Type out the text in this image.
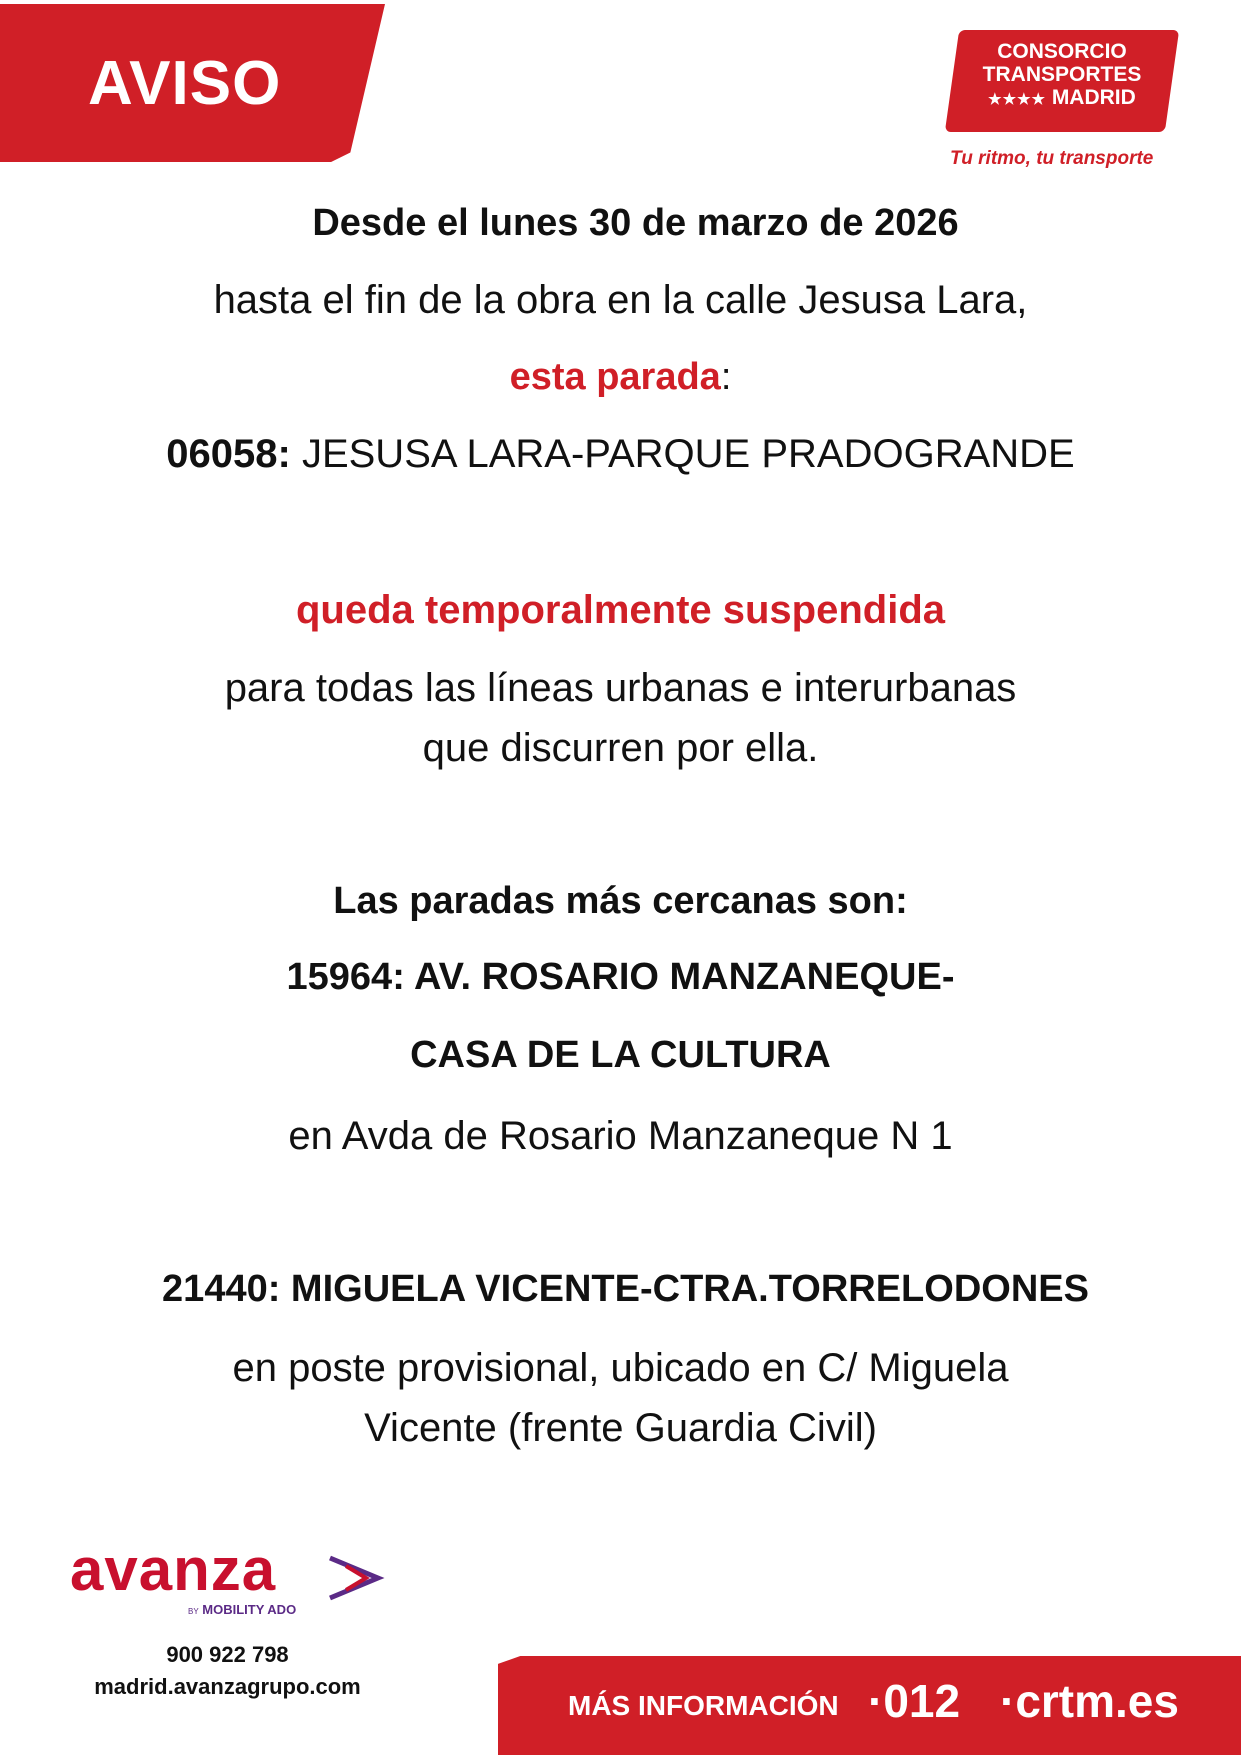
AVISO	CONSORCIO
TRANSPORTES
★★★★ MADRID
Tu ritmo, tu transporte
Desde el lunes 30 de marzo de 2026
hasta el fin de la obra en la calle Jesusa Lara,
esta parada:
06058: JESUSA LARA-PARQUE PRADOGRANDE
queda temporalmente suspendida
para todas las líneas urbanas e interurbanas
que discurren por ella.
Las paradas más cercanas son:
15964: AV. ROSARIO MANZANEQUE-
CASA DE LA CULTURA
en Avda de Rosario Manzaneque N 1
21440: MIGUELA VICENTE-CTRA.TORRELODONES
en poste provisional, ubicado en C/ Miguela
Vicente (frente Guardia Civil)
avanza
BY MOBILITY ADO
900 922 798
madrid.avanzagrupo.com
MÁS INFORMACIÓN ·012 ·crtm.es
